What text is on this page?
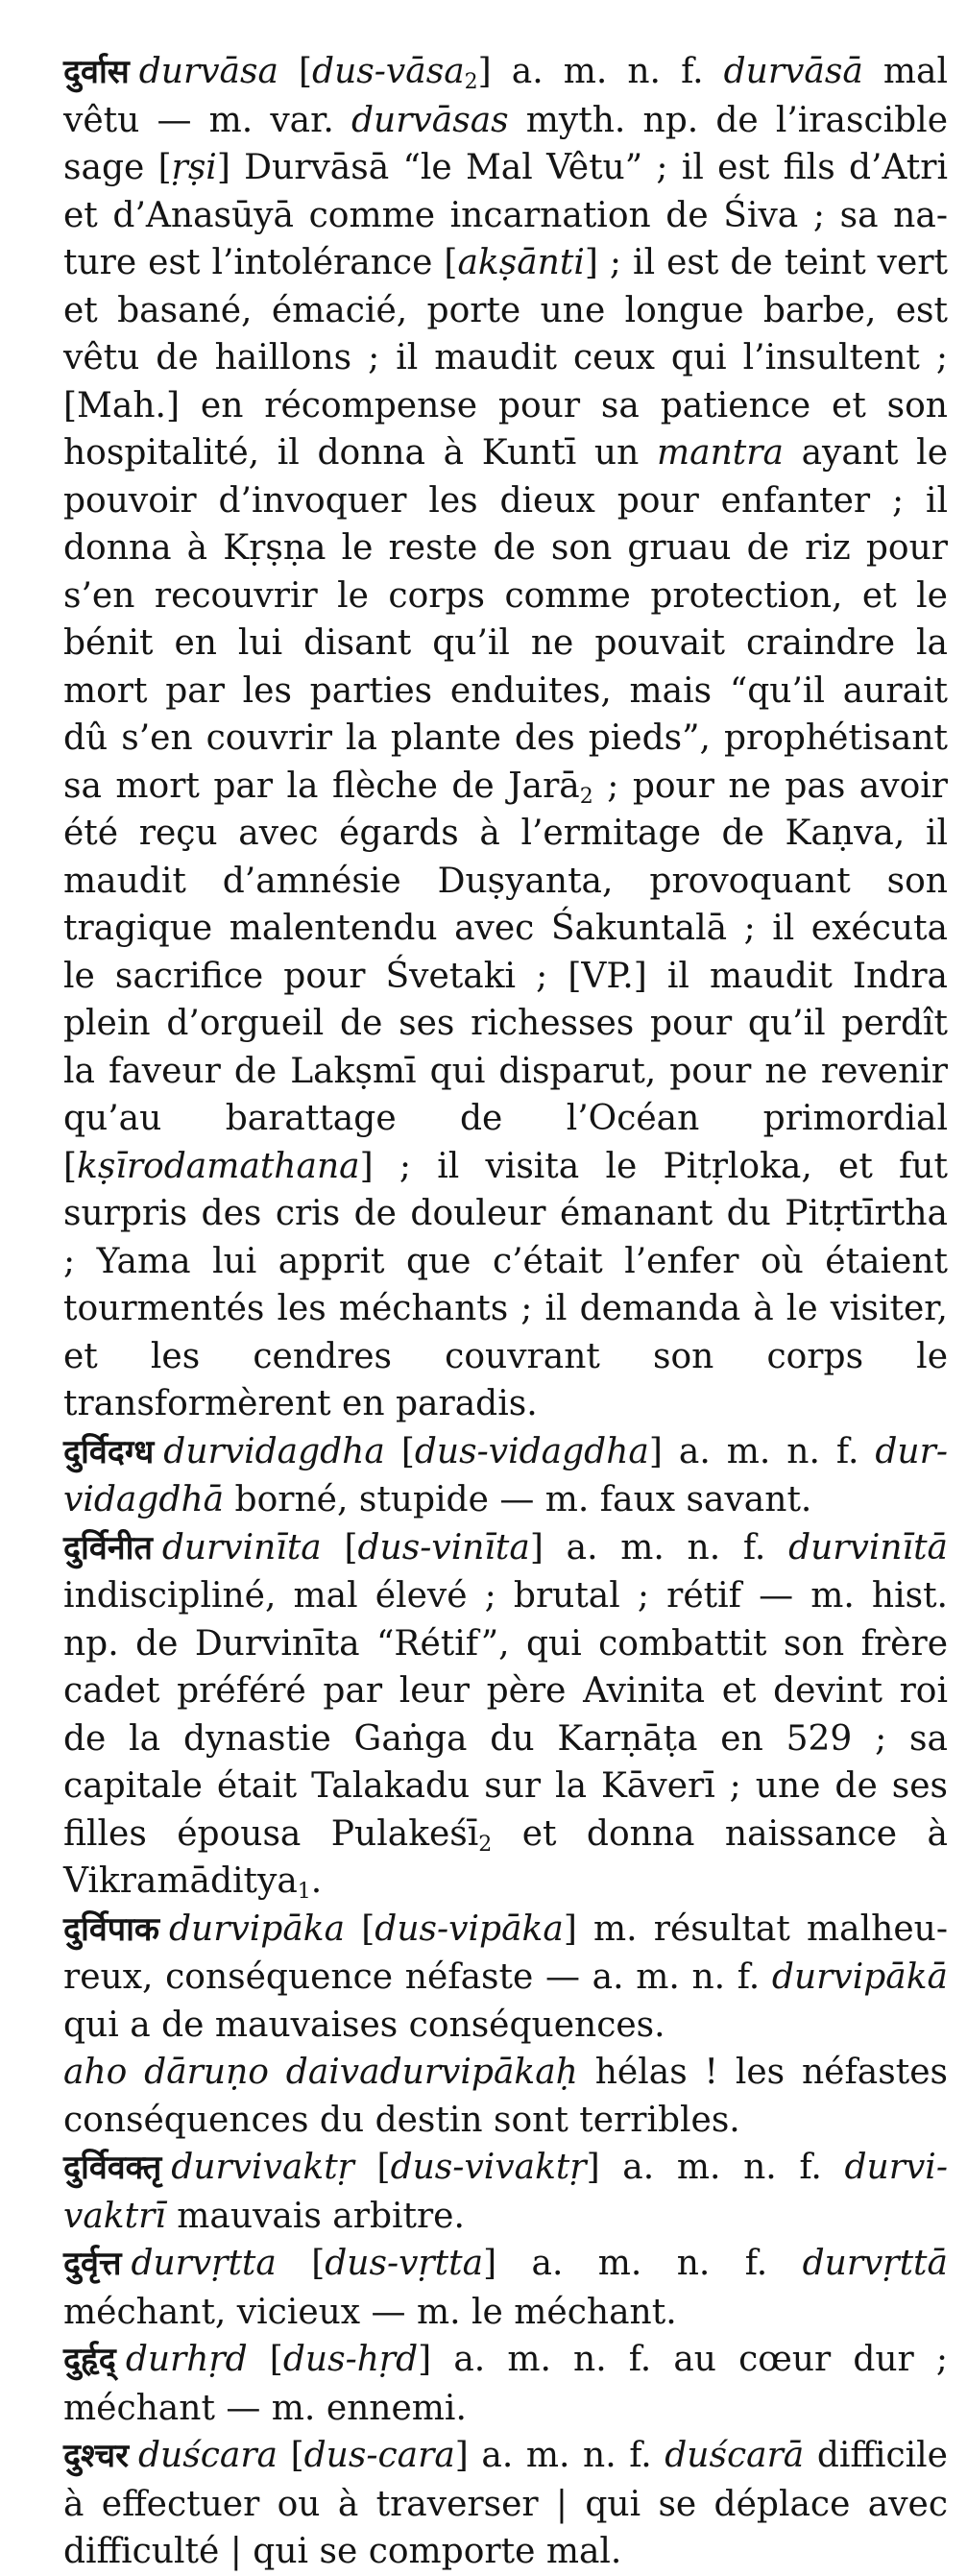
दुर्वास durvāsa [dus-vāsa$_2$] a. m. n. f. durvāsā mal vêtu — m. var. durvāsas myth. np. de l’irascible sage [ṛṣi] Durvāsā “le Mal Vêtu” ; il est fils d’Atri et d’Anasūyā comme incarnation de Śiva ; sa nature est l’intolérance [akṣānti] ; il est de teint vert et basané, émacié, porte une longue barbe, est vêtu de haillons ; il maudit ceux qui l’insultent ; [Mah.] en récompense pour sa patience et son hospitalité, il donna à Kuntī un mantra ayant le pouvoir d’invoquer les dieux pour enfanter ; il donna à Kṛṣṇa le reste de son gruau de riz pour s’en recouvrir le corps comme protection, et le bénit en lui disant qu’il ne pouvait craindre la mort par les parties enduites, mais “qu’il aurait dû s’en couvrir la plante des pieds”, prophétisant sa mort par la flèche de Jarā$_2$ ; pour ne pas avoir été reçu avec égards à l’ermitage de Kaṇva, il maudit d’amnésie Duṣyanta, provoquant son tragique malentendu avec Śakuntalā ; il exécuta le sacrifice pour Śvetaki ; [VP.] il maudit Indra plein d’orgueil de ses richesses pour qu’il perdît la faveur de Lakṣmī qui disparut, pour ne revenir qu’au barattage de l’Océan primordial [kṣīrodamathana] ; il visita le Pitṛloka, et fut surpris des cris de douleur émanant du Pitṛtīrtha ; Yama lui apprit que c’était l’enfer où étaient tourmentés les méchants ; il demanda à le visiter, et les cendres couvrant son corps le transformèrent en paradis.

दुर्विदग्ध durvidagdha [dus-vidagdha] a. m. n. f. durvidagdhā borné, stupide — m. faux savant.

दुर्विनीत durvinīta [dus-vinīta] a. m. n. f. durvinītā indiscipliné, mal élevé ; brutal ; rétif — m. hist. np. de Durvinīta “Rétif”, qui combattit son frère cadet préféré par leur père Avinita et devint roi de la dynastie Gaṅga du Karṇāṭa en 529 ; sa capitale était Talakadu sur la Kāverī ; une de ses filles épousa Pulakeśī$_2$ et donna naissance à Vikramāditya$_1$.

दुर्विपाक durvipāka [dus-vipāka] m. résultat malheureux, conséquence néfaste — a. m. n. f. durvipākā qui a de mauvaises conséquences.

aho dāruṇo daivadurvipākaḥ hélas ! les néfastes conséquences du destin sont terribles.

दुर्विवक्तृ durvivaktṛ [dus-vivaktṛ] a. m. n. f. durvivaktrī mauvais arbitre.

दुर्वृत्त durvṛtta [dus-vṛtta] a. m. n. f. durvṛttā méchant, vicieux — m. le méchant.

दुर्हृद् durhṛd [dus-hṛd] a. m. n. f. au cœur dur ; méchant — m. ennemi.

दुश्चर duścara [dus-cara] a. m. n. f. duścarā difficile à effectuer ou à traverser | qui se déplace avec difficulté | qui se comporte mal.
